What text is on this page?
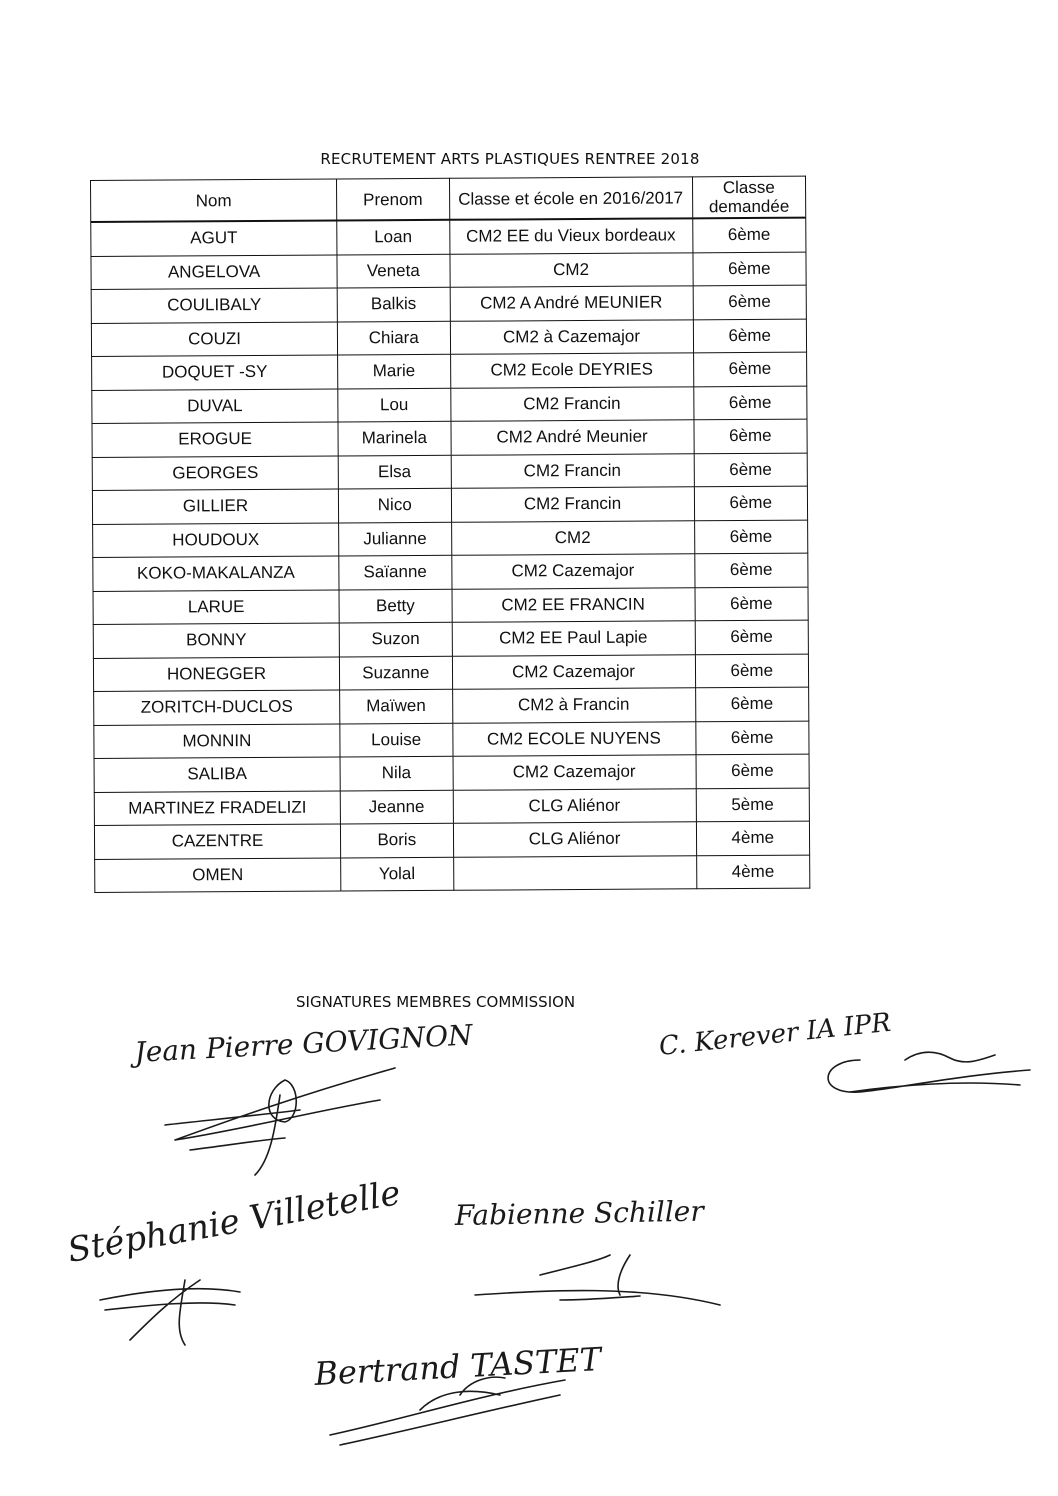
RECRUTEMENT ARTS PLASTIQUES RENTREE 2018
Nom	Prenom	Classe et école en 2016/2017	Classe demandée
AGUT	Loan	CM2 EE du Vieux bordeaux	6ème
ANGELOVA	Veneta	CM2	6ème
COULIBALY	Balkis	CM2 A André MEUNIER	6ème
COUZI	Chiara	CM2 à Cazemajor	6ème
DOQUET -SY	Marie	CM2 Ecole DEYRIES	6ème
DUVAL	Lou	CM2 Francin	6ème
EROGUE	Marinela	CM2 André Meunier	6ème
GEORGES	Elsa	CM2 Francin	6ème
GILLIER	Nico	CM2 Francin	6ème
HOUDOUX	Julianne	CM2	6ème
KOKO-MAKALANZA	Saïanne	CM2 Cazemajor	6ème
LARUE	Betty	CM2 EE FRANCIN	6ème
BONNY	Suzon	CM2 EE Paul Lapie	6ème
HONEGGER	Suzanne	CM2 Cazemajor	6ème
ZORITCH-DUCLOS	Maïwen	CM2 à Francin	6ème
MONNIN	Louise	CM2 ECOLE NUYENS	6ème
SALIBA	Nila	CM2 Cazemajor	6ème
MARTINEZ FRADELIZI	Jeanne	CLG Aliénor	5ème
CAZENTRE	Boris	CLG Aliénor	4ème
OMEN	Yolal		4ème
SIGNATURES MEMBRES COMMISSION
Jean Pierre GOVIGNON	C. Kerever IA IPR
Stéphanie Villetelle Fabienne Schiller
Bertrand TASTET
